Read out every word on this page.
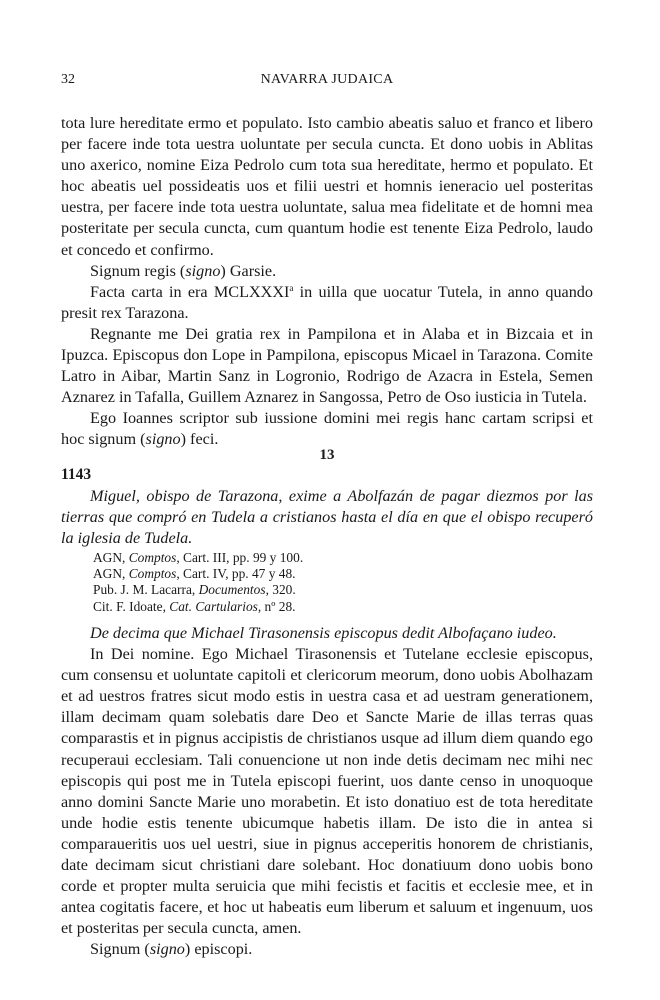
32	NAVARRA JUDAICA

tota lure hereditate ermo et populato. Isto cambio abeatis saluo et franco et libero per facere inde tota uestra uoluntate per secula cuncta. Et dono uobis in Ablitas uno axerico, nomine Eiza Pedrolo cum tota sua hereditate, hermo et populato. Et hoc abeatis uel possideatis uos et filii uestri et homnis ieneracio uel posteritas uestra, per facere inde tota uestra uoluntate, salua mea fidelitate et de homni mea posteritate per secula cuncta, cum quantum hodie est tenente Eiza Pedrolo, laudo et concedo et confirmo.

Signum regis (signo) Garsie.

Facta carta in era MCLXXXI$^a$ in uilla que uocatur Tutela, in anno quando presit rex Tarazona.

Regnante me Dei gratia rex in Pampilona et in Alaba et in Bizcaia et in Ipuzca. Episcopus don Lope in Pampilona, episcopus Micael in Tarazona. Comite Latro in Aibar, Martin Sanz in Logronio, Rodrigo de Azacra in Estela, Semen Aznarez in Tafalla, Guillem Aznarez in Sangossa, Petro de Oso iusticia in Tutela.

Ego Ioannes scriptor sub iussione domini mei regis hanc cartam scripsi et hoc signum (signo) feci.

13
1143

Miguel, obispo de Tarazona, exime a Abolfazán de pagar diezmos por las tierras que compró en Tudela a cristianos hasta el día en que el obispo recuperó la iglesia de Tudela.

AGN, Comptos, Cart. III, pp. 99 y 100.
AGN, Comptos, Cart. IV, pp. 47 y 48.
Pub. J. M. Lacarra, Documentos, 320.
Cit. F. Idoate, Cat. Cartularios, nº 28.

De decima que Michael Tirasonensis episcopus dedit Albofaçano iudeo.

In Dei nomine. Ego Michael Tirasonensis et Tutelane ecclesie episcopus, cum consensu et uoluntate capitoli et clericorum meorum, dono uobis Abolhazam et ad uestros fratres sicut modo estis in uestra casa et ad uestram generationem, illam decimam quam solebatis dare Deo et Sancte Marie de illas terras quas comparastis et in pignus accipistis de christianos usque ad illum diem quando ego recuperaui ecclesiam. Tali conuencione ut non inde detis decimam nec mihi nec episcopis qui post me in Tutela episcopi fuerint, uos dante censo in unoquoque anno domini Sancte Marie uno morabetin. Et isto donatiuo est de tota hereditate unde hodie estis tenente ubicumque habetis illam. De isto die in antea si comparaueritis uos uel uestri, siue in pignus acceperitis honorem de christianis, date decimam sicut christiani dare solebant. Hoc donatiuum dono uobis bono corde et propter multa seruicia que mihi fecistis et facitis et ecclesie mee, et in antea cogitatis facere, et hoc ut habeatis eum liberum et saluum et ingenuum, uos et posteritas per secula cuncta, amen.

Signum (signo) episcopi.
